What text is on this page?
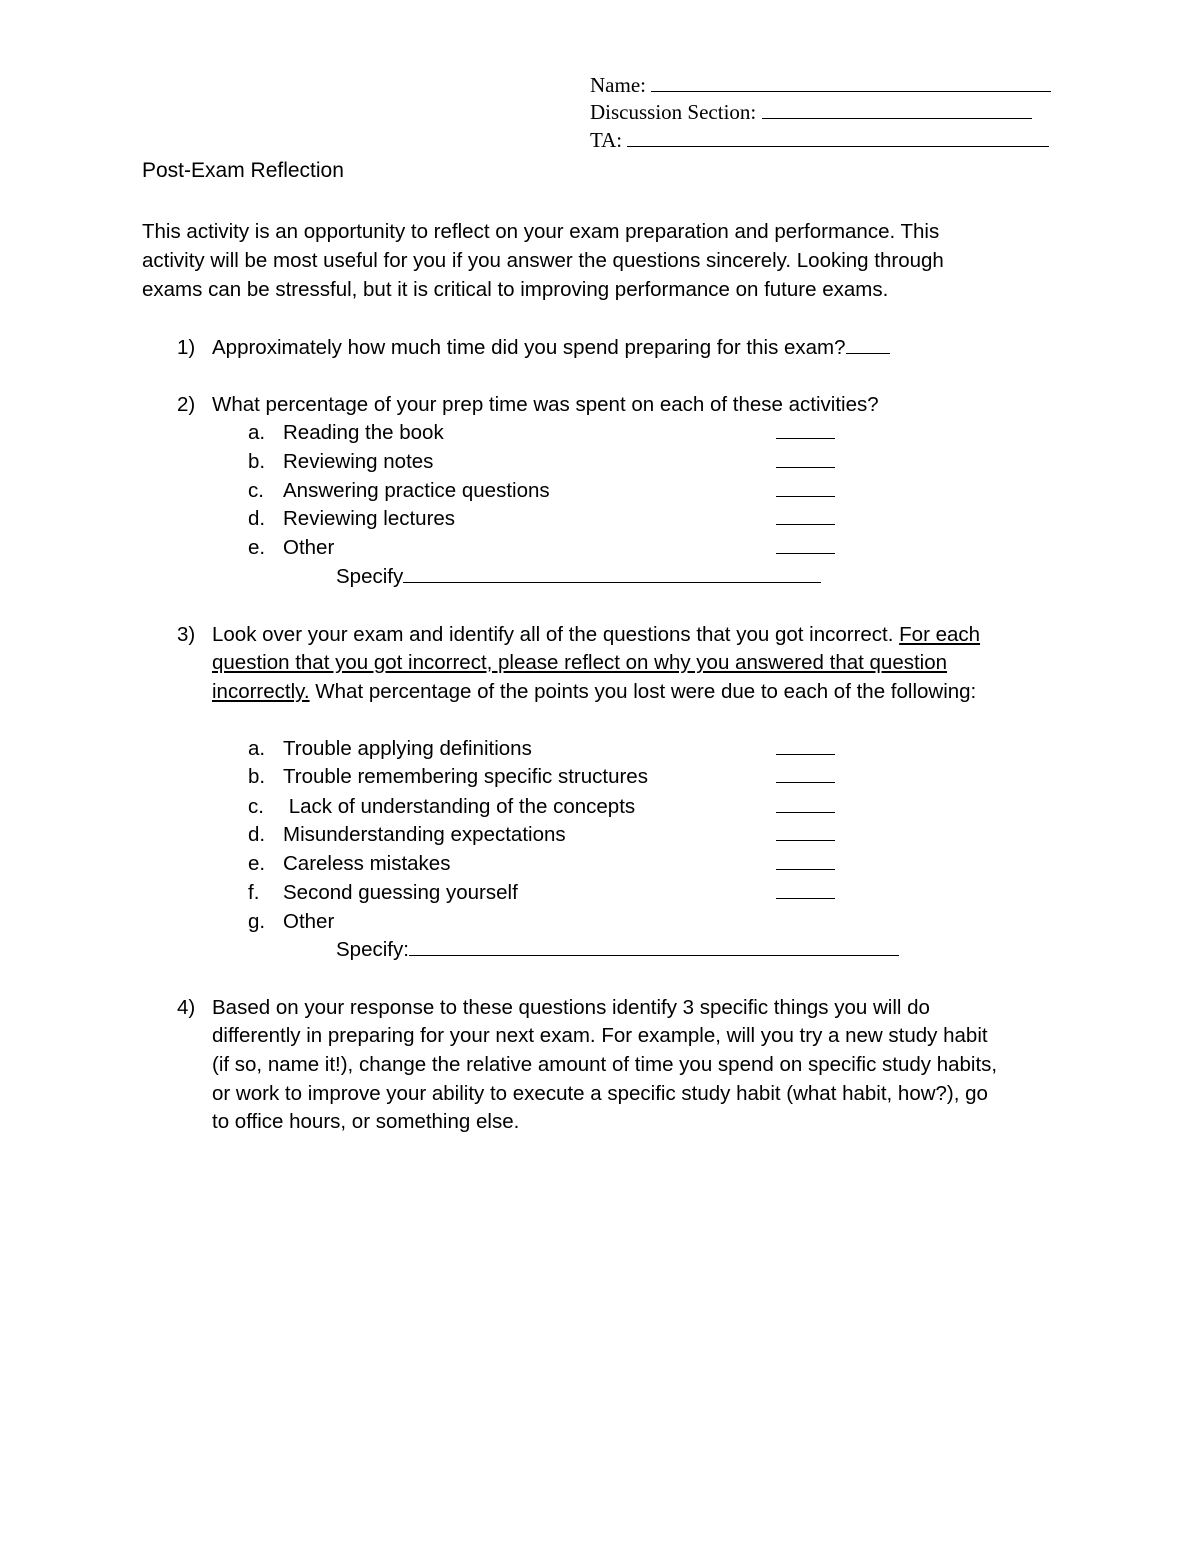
Name:
Discussion Section:
TA:
Post-Exam Reflection
This activity is an opportunity to reflect on your exam preparation and performance. This
activity will be most useful for you if you answer the questions sincerely. Looking through
exams can be stressful, but it is critical to improving performance on future exams.
1) Approximately how much time did you spend preparing for this exam?
2) What percentage of your prep time was spent on each of these activities?
a. Reading the book
b. Reviewing notes
c. Answering practice questions
d. Reviewing lectures
e. Other
Specify
3) Look over your exam and identify all of the questions that you got incorrect. For each
question that you got incorrect, please reflect on why you answered that question
incorrectly. What percentage of the points you lost were due to each of the following:
a. Trouble applying definitions
b. Trouble remembering specific structures
c. Lack of understanding of the concepts
d. Misunderstanding expectations
e. Careless mistakes
f. Second guessing yourself
g. Other
Specify:
4) Based on your response to these questions identify 3 specific things you will do
differently in preparing for your next exam. For example, will you try a new study habit
(if so, name it!), change the relative amount of time you spend on specific study habits,
or work to improve your ability to execute a specific study habit (what habit, how?), go
to office hours, or something else.
